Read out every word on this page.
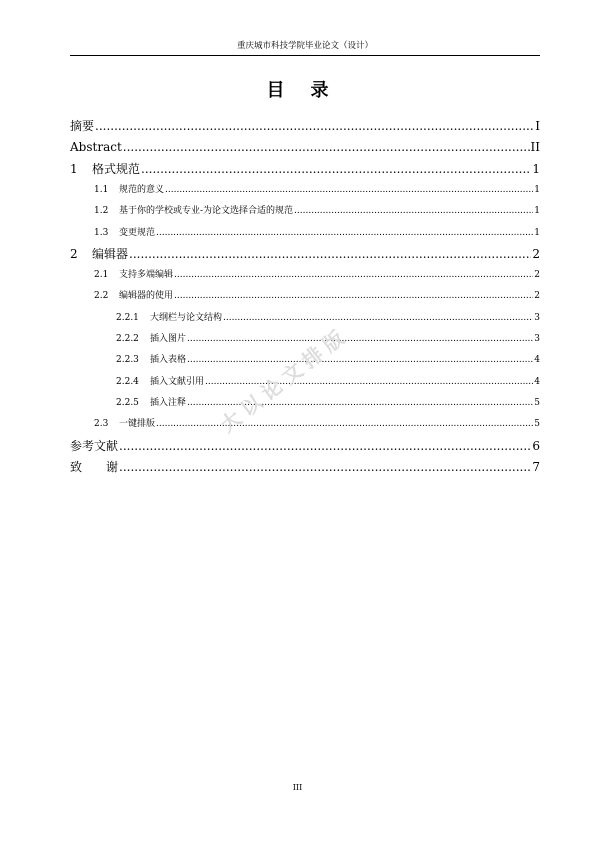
重庆城市科技学院毕业论文（设计）
目 录
摘要 .....	I
Abstract .....	II
1	格式规范 .....	1
1.1	规范的意义 .....	1
1.2	基于你的学校或专业-为论文选择合适的规范 .....	1
1.3	变更规范 .....	1
2	编辑器 .....	2
2.1	支持多端编辑 .....	2
2.2	编辑器的使用 .....	2
2.2.1	大纲栏与论文结构 .....	3
2.2.2	插入图片 .....	3
2.2.3	插入表格 .....	4
2.2.4	插入文献引用 .....	4
2.2.5	插入注释 .....	5
2.3	一键排版 .....	5
参考文献 .....	6
致　　谢 .....	7
大以论文排版
III
